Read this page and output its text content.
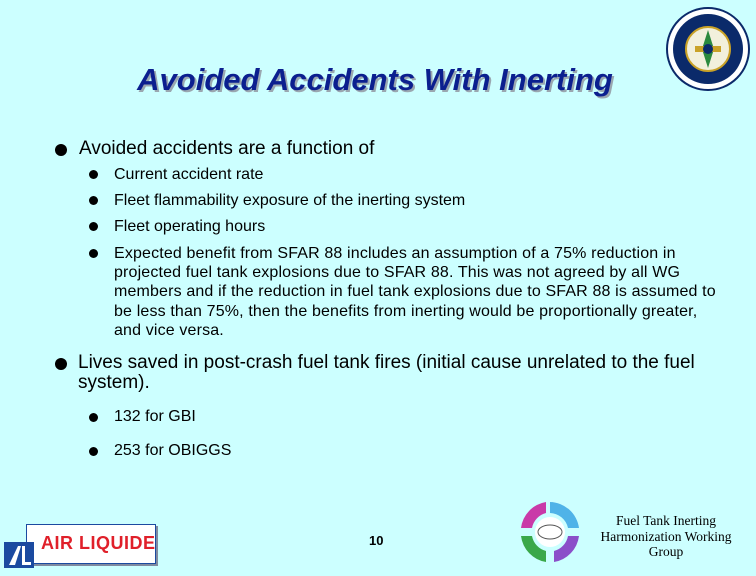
Avoided Accidents With Inerting
Avoided accidents are a function of
Current accident rate
Fleet flammability exposure of the inerting system
Fleet operating hours
Expected benefit from SFAR 88 includes an assumption of a 75% reduction in projected fuel tank explosions due to SFAR 88. This was not agreed by all WG members and if the reduction in fuel tank explosions due to SFAR 88 is assumed to be less than 75%, then the benefits from inerting would be proportionally greater, and vice versa.
Lives saved in post-crash fuel tank fires (initial cause unrelated to the fuel system).
132 for GBI
253 for OBIGGS
AIR LIQUIDE	10
Fuel Tank Inerting Harmonization Working Group
